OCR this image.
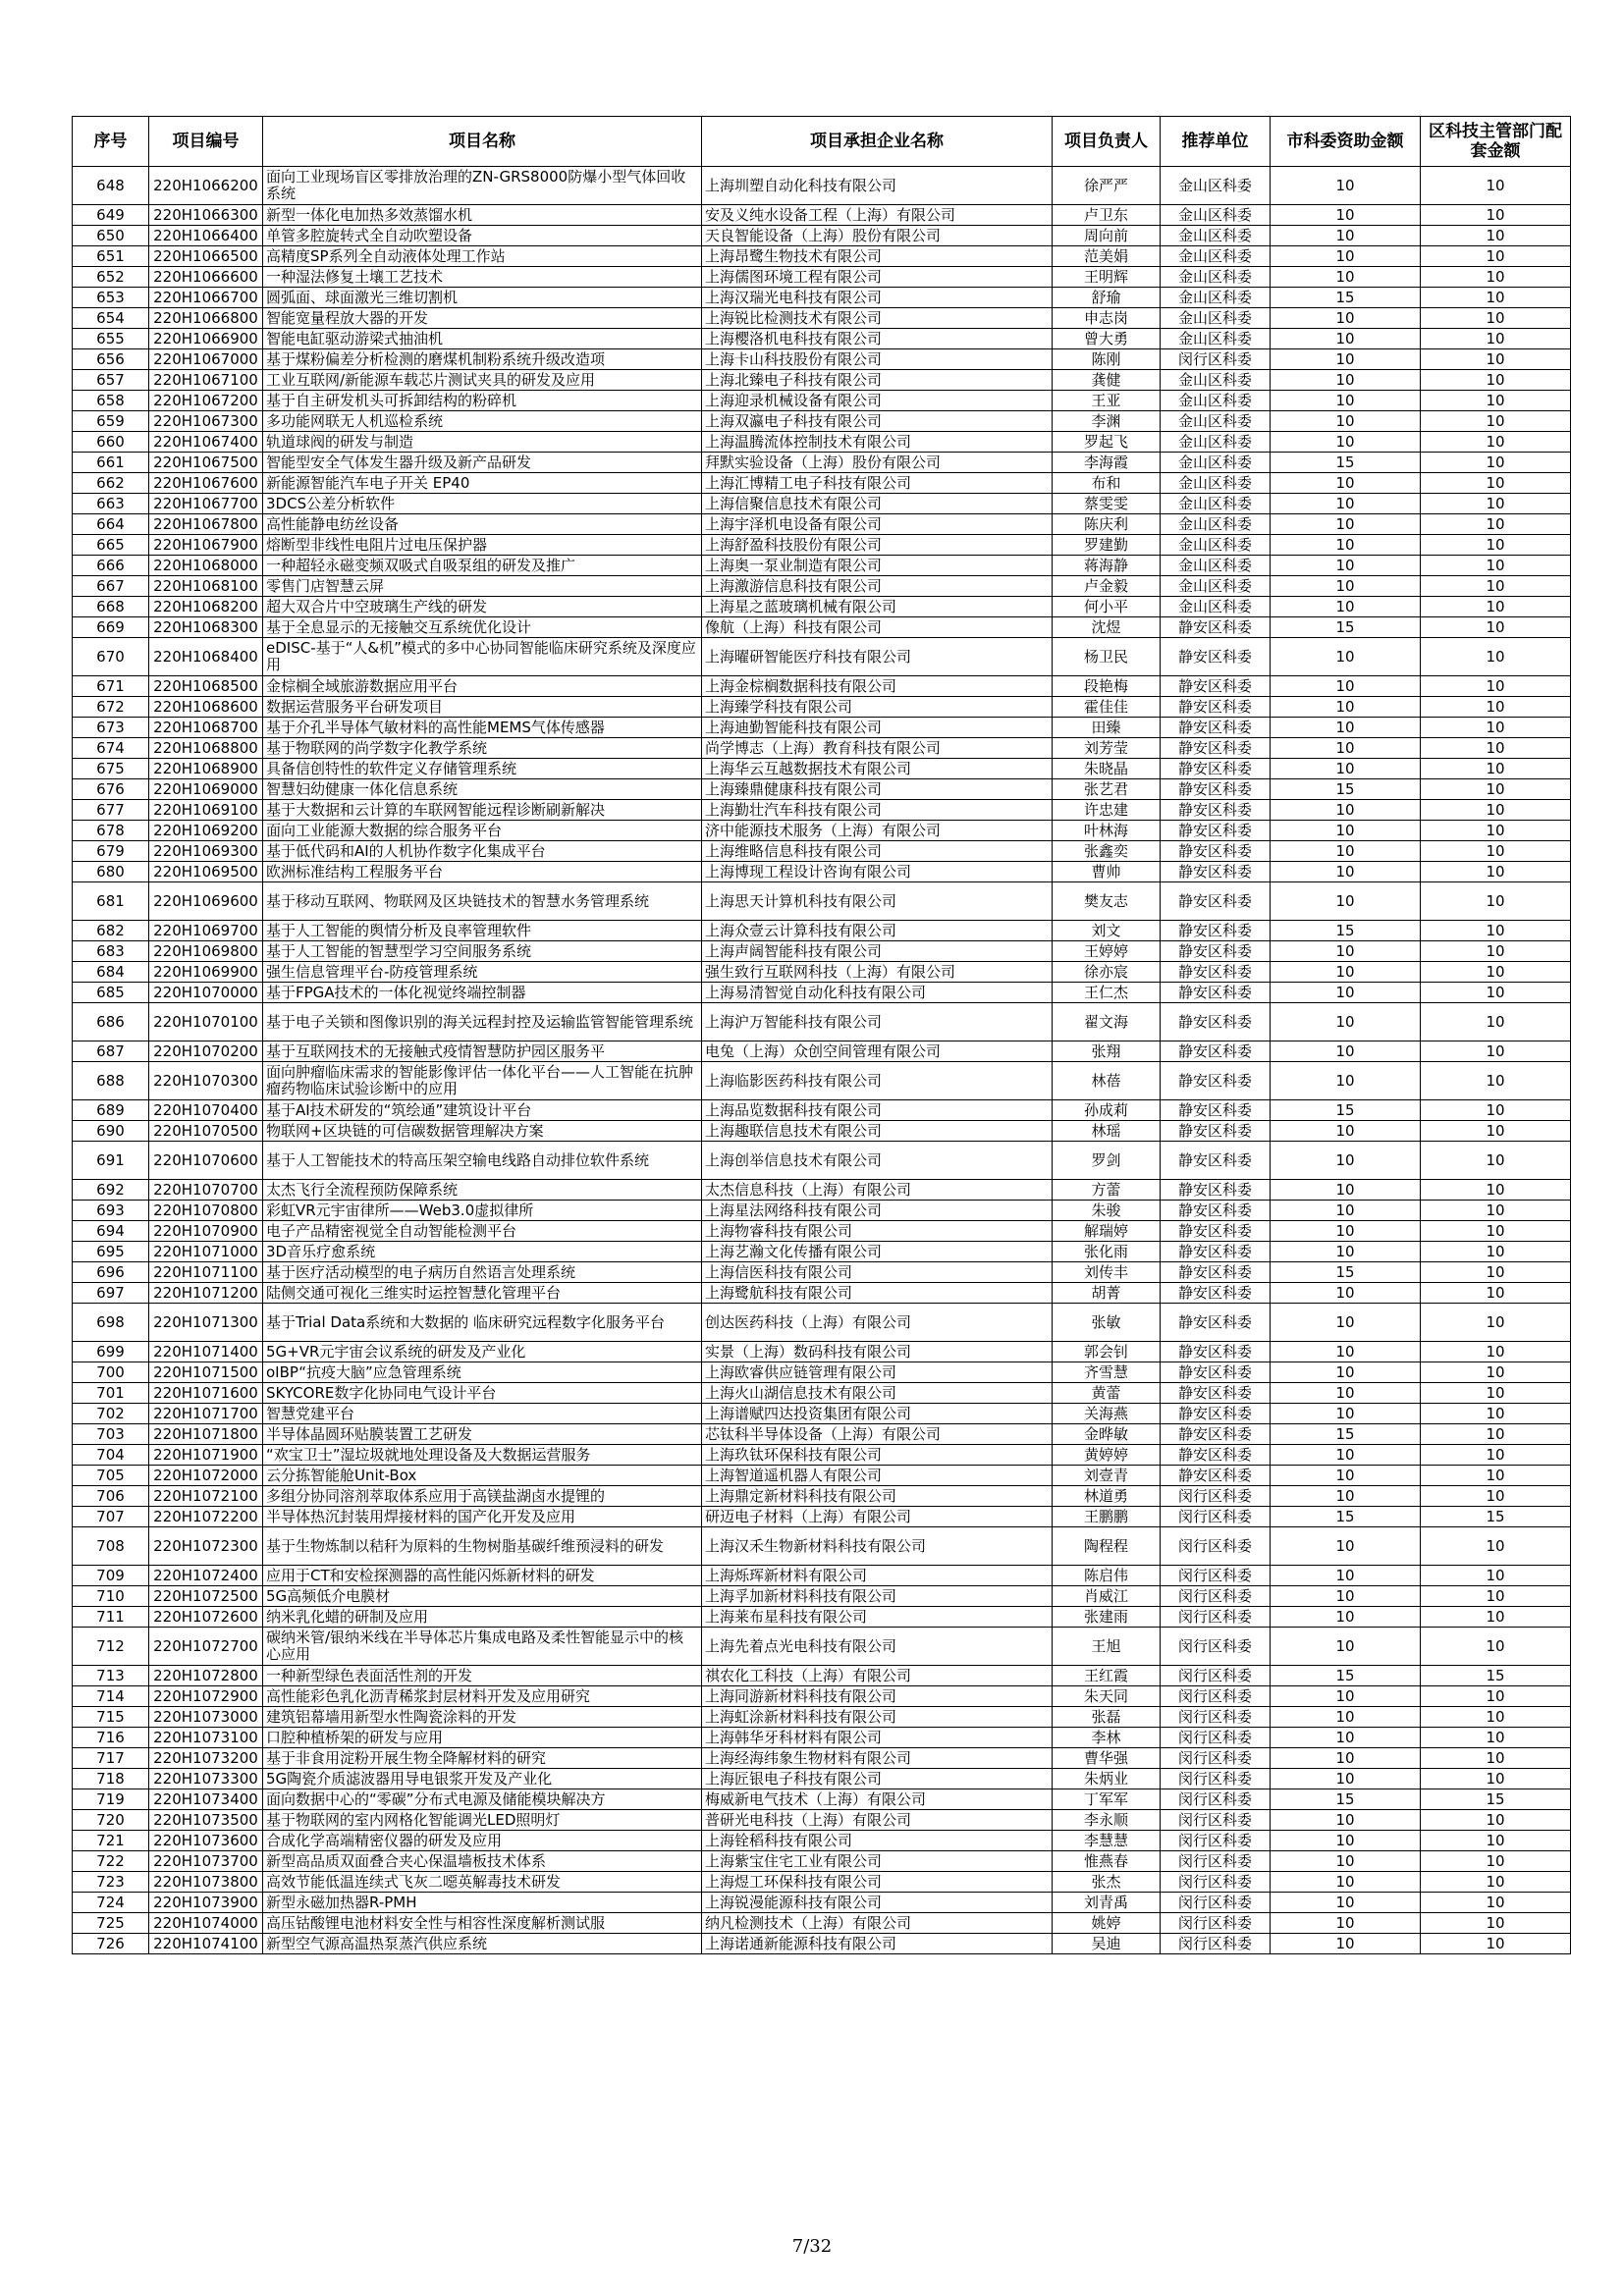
序号	项目编号	项目名称	项目承担企业名称	项目负责人	推荐单位	市科委资助金额	区科技主管部门配套金额
648	220H1066200	面向工业现场盲区零排放治理的ZN-GRS8000防爆小型气体回收系统	上海圳塑自动化科技有限公司	徐严严	金山区科委	10	10
649	220H1066300	新型一体化电加热多效蒸馏水机	安及义纯水设备工程（上海）有限公司	卢卫东	金山区科委	10	10
650	220H1066400	单管多腔旋转式全自动吹塑设备	天良智能设备（上海）股份有限公司	周向前	金山区科委	10	10
651	220H1066500	高精度SP系列全自动液体处理工作站	上海昂鹭生物技术有限公司	范美娟	金山区科委	10	10
652	220H1066600	一种湿法修复土壤工艺技术	上海儒图环境工程有限公司	王明辉	金山区科委	10	10
653	220H1066700	圆弧面、球面激光三维切割机	上海汉瑞光电科技有限公司	舒瑜	金山区科委	15	10
654	220H1066800	智能宽量程放大器的开发	上海锐比检测技术有限公司	申志岗	金山区科委	10	10
655	220H1066900	智能电缸驱动游梁式抽油机	上海樱洛机电科技有限公司	曾大勇	金山区科委	10	10
656	220H1067000	基于煤粉偏差分析检测的磨煤机制粉系统升级改造项	上海卡山科技股份有限公司	陈刚	闵行区科委	10	10
657	220H1067100	工业互联网/新能源车载芯片测试夹具的研发及应用	上海北臻电子科技有限公司	龚健	金山区科委	10	10
658	220H1067200	基于自主研发机头可拆卸结构的粉碎机	上海迎录机械设备有限公司	王亚	金山区科委	10	10
659	220H1067300	多功能网联无人机巡检系统	上海双瀛电子科技有限公司	李渊	金山区科委	10	10
660	220H1067400	轨道球阀的研发与制造	上海温腾流体控制技术有限公司	罗起飞	金山区科委	10	10
661	220H1067500	智能型安全气体发生器升级及新产品研发	拜默实验设备（上海）股份有限公司	李海霞	金山区科委	15	10
662	220H1067600	新能源智能汽车电子开关 EP40	上海汇博精工电子科技有限公司	布和	金山区科委	10	10
663	220H1067700	3DCS公差分析软件	上海信聚信息技术有限公司	蔡雯雯	金山区科委	10	10
664	220H1067800	高性能静电纺丝设备	上海宇泽机电设备有限公司	陈庆利	金山区科委	10	10
665	220H1067900	熔断型非线性电阻片过电压保护器	上海舒盈科技股份有限公司	罗建勤	金山区科委	10	10
666	220H1068000	一种超轻永磁变频双吸式自吸泵组的研发及推广	上海奥一泵业制造有限公司	蒋海静	金山区科委	10	10
667	220H1068100	零售门店智慧云屏	上海激游信息科技有限公司	卢金毅	金山区科委	10	10
668	220H1068200	超大双合片中空玻璃生产线的研发	上海星之蓝玻璃机械有限公司	何小平	金山区科委	10	10
669	220H1068300	基于全息显示的无接触交互系统优化设计	像航（上海）科技有限公司	沈煜	静安区科委	15	10
670	220H1068400	eDISC-基于“人&机”模式的多中心协同智能临床研究系统及深度应用	上海曜研智能医疗科技有限公司	杨卫民	静安区科委	10	10
671	220H1068500	金棕榈全域旅游数据应用平台	上海金棕榈数据科技有限公司	段艳梅	静安区科委	10	10
672	220H1068600	数据运营服务平台研发项目	上海臻学科技有限公司	霍佳佳	静安区科委	10	10
673	220H1068700	基于介孔半导体气敏材料的高性能MEMS气体传感器	上海迪勤智能科技有限公司	田臻	静安区科委	10	10
674	220H1068800	基于物联网的尚学数字化教学系统	尚学博志（上海）教育科技有限公司	刘芳莹	静安区科委	10	10
675	220H1068900	具备信创特性的软件定义存储管理系统	上海华云互越数据技术有限公司	朱晓晶	静安区科委	10	10
676	220H1069000	智慧妇幼健康一体化信息系统	上海臻鼎健康科技有限公司	张艺君	静安区科委	15	10
677	220H1069100	基于大数据和云计算的车联网智能远程诊断刷新解决	上海勤壮汽车科技有限公司	许忠建	静安区科委	10	10
678	220H1069200	面向工业能源大数据的综合服务平台	济中能源技术服务（上海）有限公司	叶林海	静安区科委	10	10
679	220H1069300	基于低代码和AI的人机协作数字化集成平台	上海维略信息科技有限公司	张鑫奕	静安区科委	10	10
680	220H1069500	欧洲标准结构工程服务平台	上海博现工程设计咨询有限公司	曹帅	静安区科委	10	10
681	220H1069600	基于移动互联网、物联网及区块链技术的智慧水务管理系统	上海思天计算机科技有限公司	樊友志	静安区科委	10	10
682	220H1069700	基于人工智能的舆情分析及良率管理软件	上海众壹云计算科技有限公司	刘文	静安区科委	15	10
683	220H1069800	基于人工智能的智慧型学习空间服务系统	上海声阔智能科技有限公司	王婷婷	静安区科委	10	10
684	220H1069900	强生信息管理平台-防疫管理系统	强生致行互联网科技（上海）有限公司	徐亦宸	静安区科委	10	10
685	220H1070000	基于FPGA技术的一体化视觉终端控制器	上海易清智觉自动化科技有限公司	王仁杰	静安区科委	10	10
686	220H1070100	基于电子关锁和图像识别的海关远程封控及运输监管智能管理系统	上海沪万智能科技有限公司	翟文海	静安区科委	10	10
687	220H1070200	基于互联网技术的无接触式疫情智慧防护园区服务平	电兔（上海）众创空间管理有限公司	张翔	静安区科委	10	10
688	220H1070300	面向肿瘤临床需求的智能影像评估一体化平台——人工智能在抗肿瘤药物临床试验诊断中的应用	上海临影医药科技有限公司	林蓓	静安区科委	10	10
689	220H1070400	基于AI技术研发的“筑绘通”建筑设计平台	上海品览数据科技有限公司	孙成莉	静安区科委	15	10
690	220H1070500	物联网+区块链的可信碳数据管理解决方案	上海趣联信息技术有限公司	林瑶	静安区科委	10	10
691	220H1070600	基于人工智能技术的特高压架空输电线路自动排位软件系统	上海创举信息技术有限公司	罗剑	静安区科委	10	10
692	220H1070700	太杰飞行全流程预防保障系统	太杰信息科技（上海）有限公司	方蕾	静安区科委	10	10
693	220H1070800	彩虹VR元宇宙律所——Web3.0虚拟律所	上海星法网络科技有限公司	朱骏	静安区科委	10	10
694	220H1070900	电子产品精密视觉全自动智能检测平台	上海物睿科技有限公司	解瑞婷	静安区科委	10	10
695	220H1071000	3D音乐疗愈系统	上海艺瀚文化传播有限公司	张化雨	静安区科委	10	10
696	220H1071100	基于医疗活动模型的电子病历自然语言处理系统	上海信医科技有限公司	刘传丰	静安区科委	15	10
697	220H1071200	陆侧交通可视化三维实时运控智慧化管理平台	上海鹭航科技有限公司	胡菁	静安区科委	10	10
698	220H1071300	基于Trial Data系统和大数据的 临床研究远程数字化服务平台	创达医药科技（上海）有限公司	张敏	静安区科委	10	10
699	220H1071400	5G+VR元宇宙会议系统的研发及产业化	实景（上海）数码科技有限公司	郭会钊	静安区科委	10	10
700	220H1071500	oIBP“抗疫大脑”应急管理系统	上海欧睿供应链管理有限公司	齐雪慧	静安区科委	10	10
701	220H1071600	SKYCORE数字化协同电气设计平台	上海火山湖信息技术有限公司	黄蕾	静安区科委	10	10
702	220H1071700	智慧党建平台	上海谱赋四达投资集团有限公司	关海燕	静安区科委	10	10
703	220H1071800	半导体晶圆环贴膜装置工艺研发	芯钛科半导体设备（上海）有限公司	金晔敏	静安区科委	15	10
704	220H1071900	“欢宝卫士”湿垃圾就地处理设备及大数据运营服务	上海玖钛环保科技有限公司	黄婷婷	静安区科委	10	10
705	220H1072000	云分拣智能舱Unit-Box	上海智道遥机器人有限公司	刘壹青	静安区科委	10	10
706	220H1072100	多组分协同溶剂萃取体系应用于高镁盐湖卤水提锂的	上海鼎定新材料科技有限公司	林道勇	闵行区科委	10	10
707	220H1072200	半导体热沉封装用焊接材料的国产化开发及应用	研迈电子材料（上海）有限公司	王鹏鹏	闵行区科委	15	15
708	220H1072300	基于生物炼制以秸秆为原料的生物树脂基碳纤维预浸料的研发	上海汉禾生物新材料科技有限公司	陶程程	闵行区科委	10	10
709	220H1072400	应用于CT和安检探测器的高性能闪烁新材料的研发	上海烁珲新材料有限公司	陈启伟	闵行区科委	10	10
710	220H1072500	5G高频低介电膜材	上海孚加新材料科技有限公司	肖威江	闵行区科委	10	10
711	220H1072600	纳米乳化蜡的研制及应用	上海莱布星科技有限公司	张建雨	闵行区科委	10	10
712	220H1072700	碳纳米管/银纳米线在半导体芯片集成电路及柔性智能显示中的核心应用	上海先着点光电科技有限公司	王旭	闵行区科委	10	10
713	220H1072800	一种新型绿色表面活性剂的开发	祺农化工科技（上海）有限公司	王红霞	闵行区科委	15	15
714	220H1072900	高性能彩色乳化沥青稀浆封层材料开发及应用研究	上海同游新材料科技有限公司	朱天同	闵行区科委	10	10
715	220H1073000	建筑铝幕墙用新型水性陶瓷涂料的开发	上海虹涂新材料科技有限公司	张磊	闵行区科委	10	10
716	220H1073100	口腔种植桥架的研发与应用	上海韩华牙科材料有限公司	李林	闵行区科委	10	10
717	220H1073200	基于非食用淀粉开展生物全降解材料的研究	上海经海纬象生物材料有限公司	曹华强	闵行区科委	10	10
718	220H1073300	5G陶瓷介质滤波器用导电银浆开发及产业化	上海匠银电子科技有限公司	朱炳业	闵行区科委	10	10
719	220H1073400	面向数据中心的“零碳”分布式电源及储能模块解决方	梅威新电气技术（上海）有限公司	丁军军	闵行区科委	15	15
720	220H1073500	基于物联网的室内网格化智能调光LED照明灯	普研光电科技（上海）有限公司	李永顺	闵行区科委	10	10
721	220H1073600	合成化学高端精密仪器的研发及应用	上海铨稻科技有限公司	李慧慧	闵行区科委	10	10
722	220H1073700	新型高品质双面叠合夹心保温墙板技术体系	上海紫宝住宅工业有限公司	惟燕春	闵行区科委	10	10
723	220H1073800	高效节能低温连续式飞灰二噁英解毒技术研发	上海煜工环保科技有限公司	张杰	闵行区科委	10	10
724	220H1073900	新型永磁加热器R-PMH	上海锐漫能源科技有限公司	刘青禹	闵行区科委	10	10
725	220H1074000	高压钴酸锂电池材料安全性与相容性深度解析测试服	纳凡检测技术（上海）有限公司	姚婷	闵行区科委	10	10
726	220H1074100	新型空气源高温热泵蒸汽供应系统	上海诺通新能源科技有限公司	吴迪	闵行区科委	10	10
7/32
